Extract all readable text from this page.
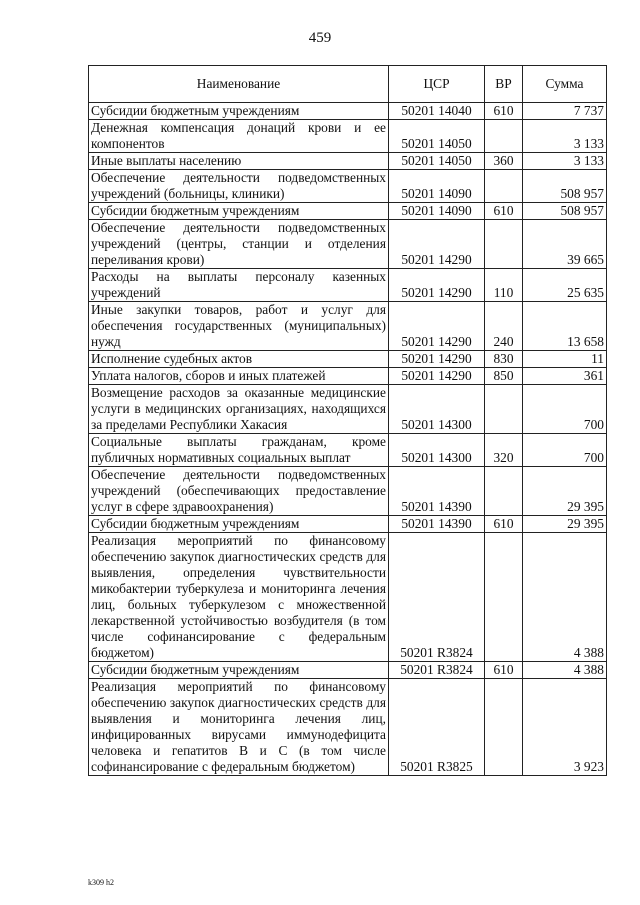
459
Наименование	ЦСР	ВР	Сумма
Субсидии бюджетным учреждениям	50201 14040	610	7 737
Денежная компенсация донаций крови и ее компонентов	50201 14050		3 133
Иные выплаты населению	50201 14050	360	3 133
Обеспечение деятельности подведомственных учреждений (больницы, клиники)	50201 14090		508 957
Субсидии бюджетным учреждениям	50201 14090	610	508 957
Обеспечение деятельности подведомственных учреждений (центры, станции и отделения переливания крови)	50201 14290		39 665
Расходы на выплаты персоналу казенных учреждений	50201 14290	110	25 635
Иные закупки товаров, работ и услуг для обеспечения государственных (муниципальных) нужд	50201 14290	240	13 658
Исполнение судебных актов	50201 14290	830	11
Уплата налогов, сборов и иных платежей	50201 14290	850	361
Возмещение расходов за оказанные медицинские услуги в медицинских организациях, находящихся за пределами Республики Хакасия	50201 14300		700
Социальные выплаты гражданам, кроме публичных нормативных социальных выплат	50201 14300	320	700
Обеспечение деятельности подведомственных учреждений (обеспечивающих предоставление услуг в сфере здравоохранения)	50201 14390		29 395
Субсидии бюджетным учреждениям	50201 14390	610	29 395
Реализация мероприятий по финансовому обеспечению закупок диагностических средств для выявления, определения чувствительности микобактерии туберкулеза и мониторинга лечения лиц, больных туберкулезом с множественной лекарственной устойчивостью возбудителя (в том числе софинансирование с федеральным бюджетом)	50201 R3824		4 388
Субсидии бюджетным учреждениям	50201 R3824	610	4 388
Реализация мероприятий по финансовому обеспечению закупок диагностических средств для выявления и мониторинга лечения лиц, инфицированных вирусами иммунодефицита человека и гепатитов В и С (в том числе софинансирование с федеральным бюджетом)	50201 R3825		3 923
k309 h2
